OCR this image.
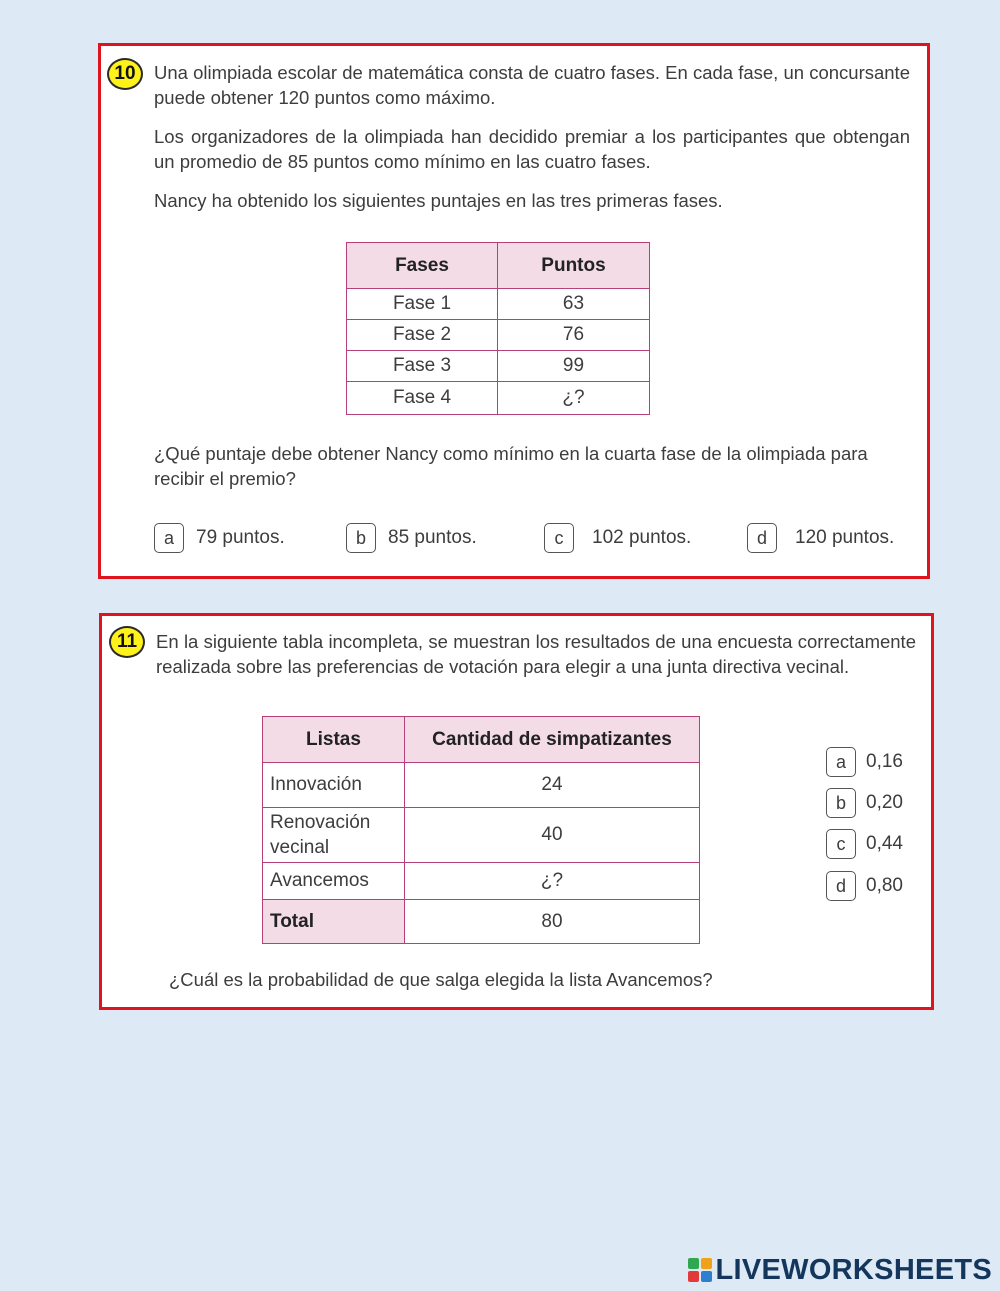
10 Una olimpiada escolar de matemática consta de cuatro fases. En cada fase, un concursante puede obtener 120 puntos como máximo.

Los organizadores de la olimpiada han decidido premiar a los participantes que obtengan un promedio de 85 puntos como mínimo en las cuatro fases.

Nancy ha obtenido los siguientes puntajes en las tres primeras fases.

Fases	Puntos
Fase 1	63
Fase 2	76
Fase 3	99
Fase 4	¿?

¿Qué puntaje debe obtener Nancy como mínimo en la cuarta fase de la olimpiada para recibir el premio?

a	79 puntos.	b	85 puntos.	c	102 puntos.	d	120 puntos.
11	En la siguiente tabla incompleta, se muestran los resultados de una encuesta correctamente realizada sobre las preferencias de votación para elegir a una junta directiva vecinal.

Listas	Cantidad de simpatizantes
Innovación	24
Renovación vecinal	40
Avancemos	¿?
Total	80
a	0,16
b	0,20
c	0,44
d	0,80

¿Cuál es la probabilidad de que salga elegida la lista Avancemos?

LIVEWORKSHEETS
